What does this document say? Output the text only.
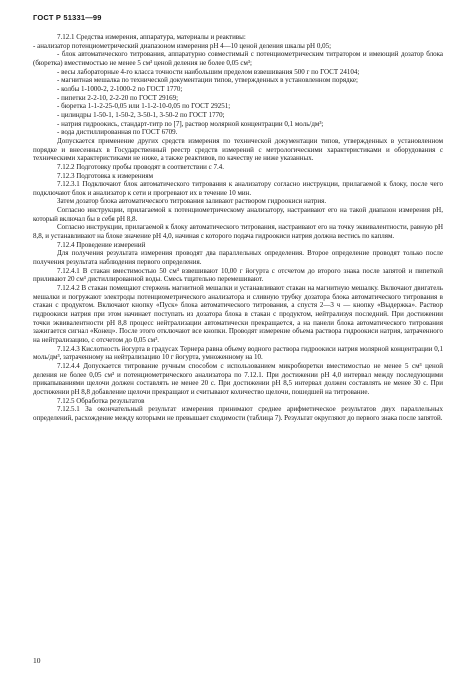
ГОСТ Р 51331—99

7.12.1 Средства измерения, аппаратура, материалы и реактивы:

- анализатор потенциометрический диапазоном измерения pH 4—10 ценой деления шкалы pH 0,05;

- блок автоматического титрования, аппаратурно совместимый с потенциометрическим титратором и имеющий дозатор блока (бюретка) вместимостью не менее 5 см³ ценой деления не более 0,05 см³;

- весы лабораторные 4-го класса точности наибольшим пределом взвешивания 500 г по ГОСТ 24104;

- магнитная мешалка по технической документации типов, утвержденных в установленном порядке;

- колбы 1-1000-2, 2-1000-2 по ГОСТ 1770;

- пипетки 2-2-10, 2-2-20 по ГОСТ 29169;

- бюретка 1-1-2-25-0,05 или 1-1-2-10-0,05 по ГОСТ 29251;

- цилиндры 1-50-1, 1-50-2, 3-50-1, 3-50-2 по ГОСТ 1770;

- натрия гидроокись, стандарт-титр по [7], раствор молярной концентрации 0,1 моль/дм³;

- вода дистиллированная по ГОСТ 6709.

Допускается применение других средств измерения по технической документации типов, утвержденных в установленном порядке и внесенных в Государственный реестр средств измерений с метрологическими характеристиками и оборудования с техническими характеристиками не ниже, а также реактивов, по качеству не ниже указанных.

7.12.2 Подготовку пробы проводят в соответствии с 7.4.

7.12.3 Подготовка к измерениям

7.12.3.1 Подключают блок автоматического титрования к анализатору согласно инструкции, прилагаемой к блоку, после чего подключают блок и анализатор к сети и прогревают их в течение 10 мин.

Затем дозатор блока автоматического титрования заливают раствором гидроокиси натрия.

Согласно инструкции, прилагаемой к потенциометрическому анализатору, настраивают его на такой диапазон измерения pH, который включал бы в себя pH 8,8.

Согласно инструкции, прилагаемой к блоку автоматического титрования, настраивают его на точку эквивалентности, равную pH 8,8, и устанавливают на блоке значение pH 4,0, начиная с которого подача гидроокиси натрия должна вестись по каплям.

7.12.4 Проведение измерений

Для получения результата измерения проводят два параллельных определения. Второе определение проводят только после получения результата наблюдения первого определения.

7.12.4.1 В стакан вместимостью 50 см³ взвешивают 10,00 г йогурта с отсчетом до второго знака после запятой и пипеткой приливают 20 см³ дистиллированной воды. Смесь тщательно перемешивают.

7.12.4.2 В стакан помещают стержень магнитной мешалки и устанавливают стакан на магнитную мешалку. Включают двигатель мешалки и погружают электроды потенциометрического анализатора и сливную трубку дозатора блока автоматического титрования в стакан с продуктом. Включают кнопку «Пуск» блока автоматического титрования, а спустя 2—3 ч — кнопку «Выдержка». Раствор гидроокиси натрия при этом начинает поступать из дозатора блока в стакан с продуктом, нейтрализуя последний. При достижении точки эквивалентности pH 8,8 процесс нейтрализации автоматически прекращается, а на панели блока автоматического титрования зажигается сигнал «Конец». После этого отключают все кнопки. Проводят измерение объема раствора гидроокиси натрия, затраченного на нейтрализацию, с отсчетом до 0,05 см³.

7.12.4.3 Кислотность йогурта в градусах Тернера равна объему водного раствора гидроокиси натрия молярной концентрации 0,1 моль/дм³, затраченному на нейтрализацию 10 г йогурта, умноженному на 10.

7.12.4.4 Допускается титрование ручным способом с использованием микробюретки вместимостью не менее 5 см³ ценой деления не более 0,05 см³ и потенциометрического анализатора по 7.12.1. При достижении pH 4,0 интервал между последующими прикапываниями щелочи должен составлять не менее 20 с. При достижении pH 8,5 интервал должен составлять не менее 30 с. При достижении pH 8,8 добавление щелочи прекращают и считывают количество щелочи, пошедшей на титрование.

7.12.5 Обработка результатов

7.12.5.1 За окончательный результат измерения принимают среднее арифметическое результатов двух параллельных определений, расхождение между которыми не превышает сходимости (таблица 7). Результат округляют до первого знака после запятой.

10
